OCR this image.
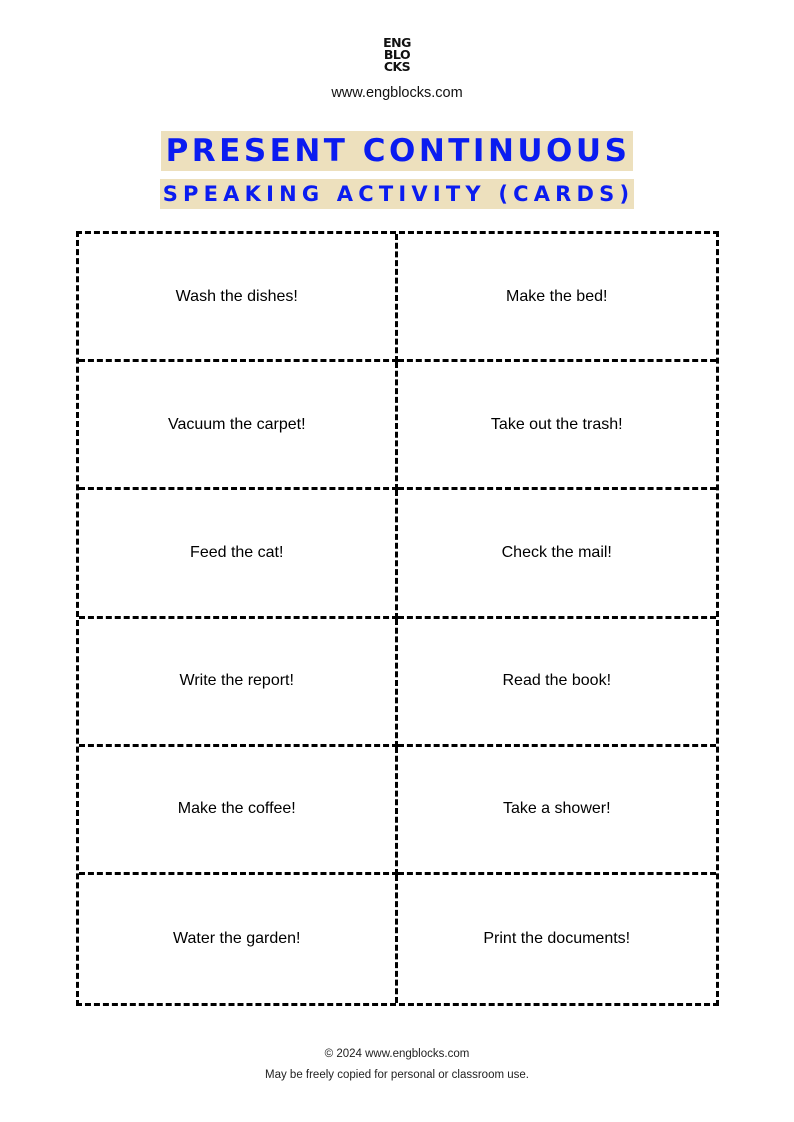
ENG
BLO
CKS
www.engblocks.com
PRESENT CONTINUOUS
SPEAKING ACTIVITY (CARDS)
Wash the dishes!	Make the bed!
Vacuum the carpet!	Take out the trash!
Feed the cat!	Check the mail!
Write the report!	Read the book!
Make the coffee!	Take a shower!
Water the garden!	Print the documents!
© 2024 www.engblocks.com
May be freely copied for personal or classroom use.
